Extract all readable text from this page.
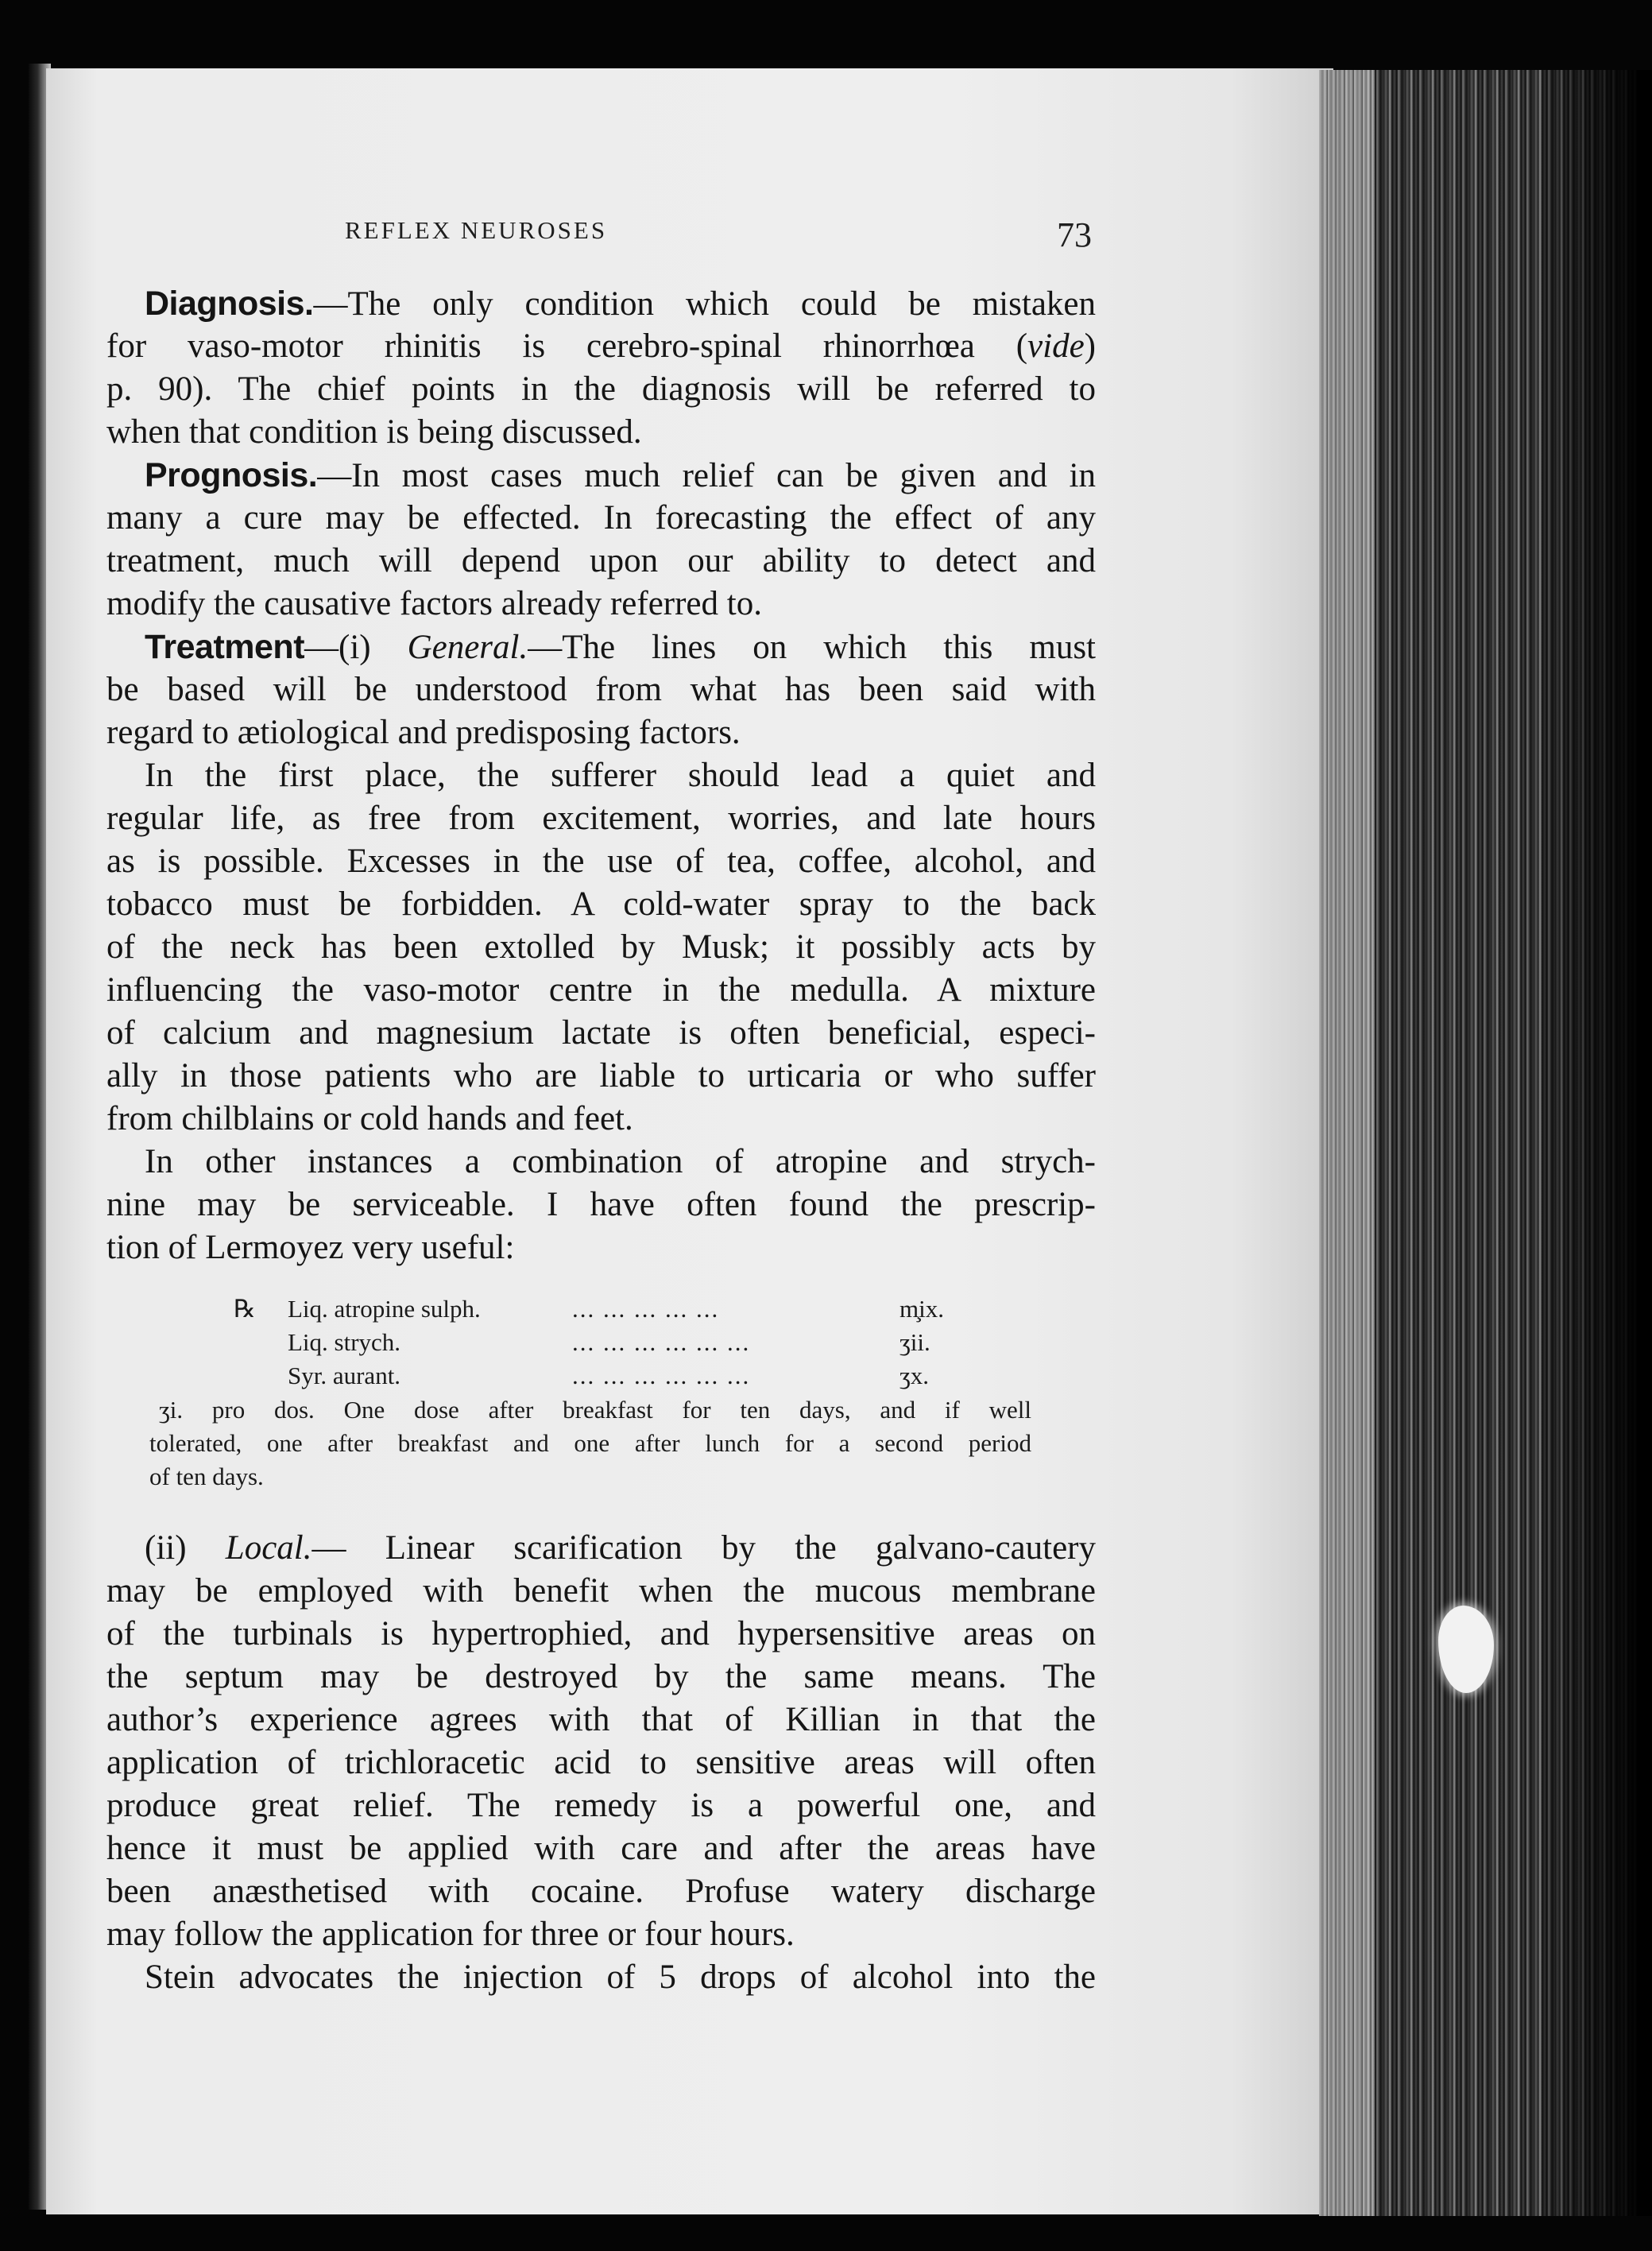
REFLEX NEUROSES	73
Diagnosis.—The only condition which could be mistaken
for vaso-motor rhinitis is cerebro-spinal rhinorrhœa (vide)
p. 90). The chief points in the diagnosis will be referred to
when that condition is being discussed.
Prognosis.—In most cases much relief can be given and in
many a cure may be effected. In forecasting the effect of any
treatment, much will depend upon our ability to detect and
modify the causative factors already referred to.
Treatment—(i) General.—The lines on which this must
be based will be understood from what has been said with
regard to ætiological and predisposing factors.
In the first place, the sufferer should lead a quiet and
regular life, as free from excitement, worries, and late hours
as is possible. Excesses in the use of tea, coffee, alcohol, and
tobacco must be forbidden. A cold-water spray to the back
of the neck has been extolled by Musk; it possibly acts by
influencing the vaso-motor centre in the medulla. A mixture
of calcium and magnesium lactate is often beneficial, especi-
ally in those patients who are liable to urticaria or who suffer
from chilblains or cold hands and feet.
In other instances a combination of atropine and strych-
nine may be serviceable. I have often found the prescrip-
tion of Lermoyez very useful:
℞	Liq. atropine sulph.	... ... ... ... ...	m̧ix.
Liq. strych.	... ... ... ... ... ...	ʒii.
Syr. aurant.	... ... ... ... ... ...	ʒx.
ʒi. pro dos. One dose after breakfast for ten days, and if well
tolerated, one after breakfast and one after lunch for a second period
of ten days.
(ii) Local.— Linear scarification by the galvano-cautery
may be employed with benefit when the mucous membrane
of the turbinals is hypertrophied, and hypersensitive areas on
the septum may be destroyed by the same means. The
author’s experience agrees with that of Killian in that the
application of trichloracetic acid to sensitive areas will often
produce great relief. The remedy is a powerful one, and
hence it must be applied with care and after the areas have
been anæsthetised with cocaine. Profuse watery discharge
may follow the application for three or four hours.
Stein advocates the injection of 5 drops of alcohol into the
